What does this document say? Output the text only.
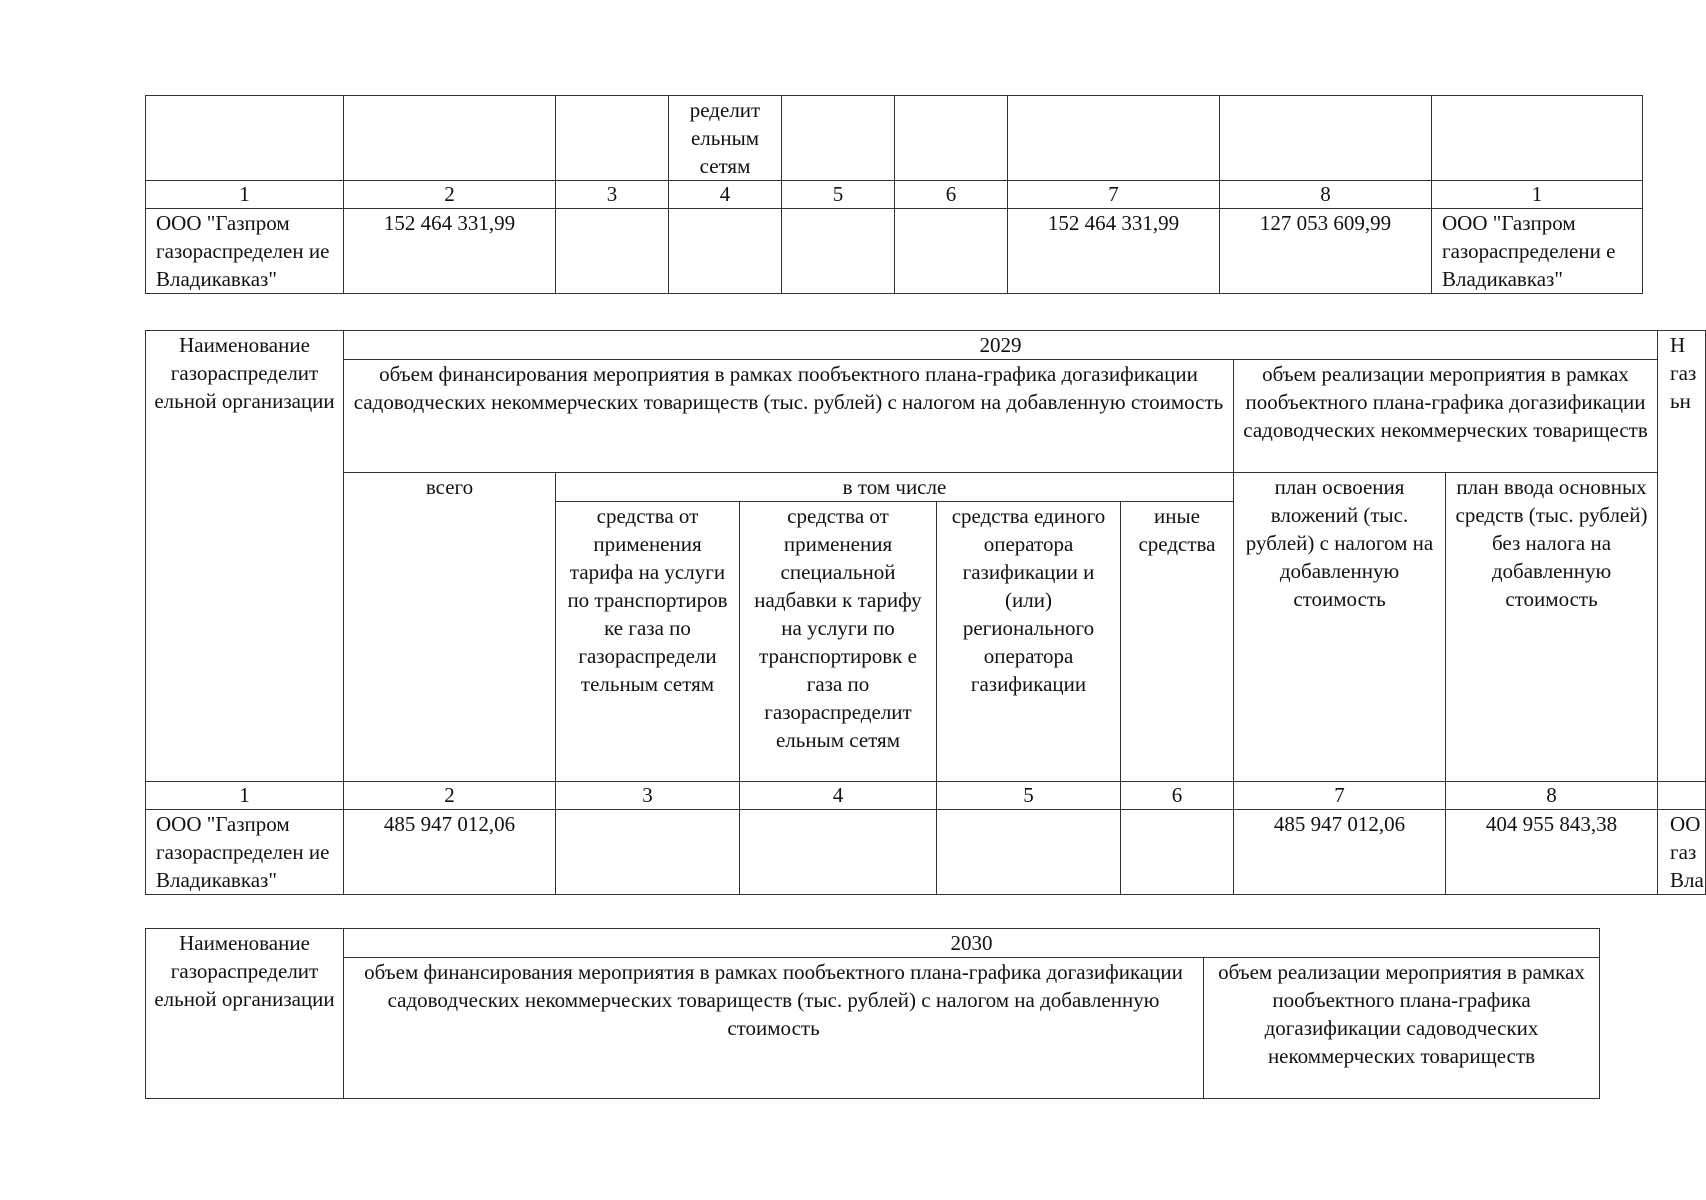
			ределит ельным сетям					
1	2	3	4	5	6	7	8	1
ООО "Газпром газораспределен ие Владикавказ"	152 464 331,99					152 464 331,99	127 053 609,99	ООО "Газпром газораспределени е Владикавказ"
Наименование газораспределит ельной организации	2029							Н газ ьн
	объем финансирования мероприятия в рамках пообъектного плана-графика догазификации садоводческих некоммерческих товариществ (тыс. рублей) с налогом на добавленную стоимость					объем реализации мероприятия в рамках пообъектного плана-графика догазификации садоводческих некоммерческих товариществ		
	всего	в том числе				план освоения вложений (тыс. рублей) с налогом на добавленную стоимость	план ввода основных средств (тыс. рублей) без налога на добавленную стоимость	
		средства от применения тарифа на услуги по транспортиров ке газа по газораспредели тельным сетям	средства от применения специальной надбавки к тарифу на услуги по транспортировк е газа по газораспределит ельным сетям	средства единого оператора газификации и (или) регионального оператора газификации	иные средства			
1	2	3	4	5	6	7	8	
ООО "Газпром газораспределен ие Владикавказ"	485 947 012,06					485 947 012,06	404 955 843,38	ОО газ Вла
Наименование газораспределит ельной организации	2030	
	объем финансирования мероприятия в рамках пообъектного плана-графика догазификации садоводческих некоммерческих товариществ (тыс. рублей) с налогом на добавленную стоимость	объем реализации мероприятия в рамках пообъектного плана-графика догазификации садоводческих некоммерческих товариществ
